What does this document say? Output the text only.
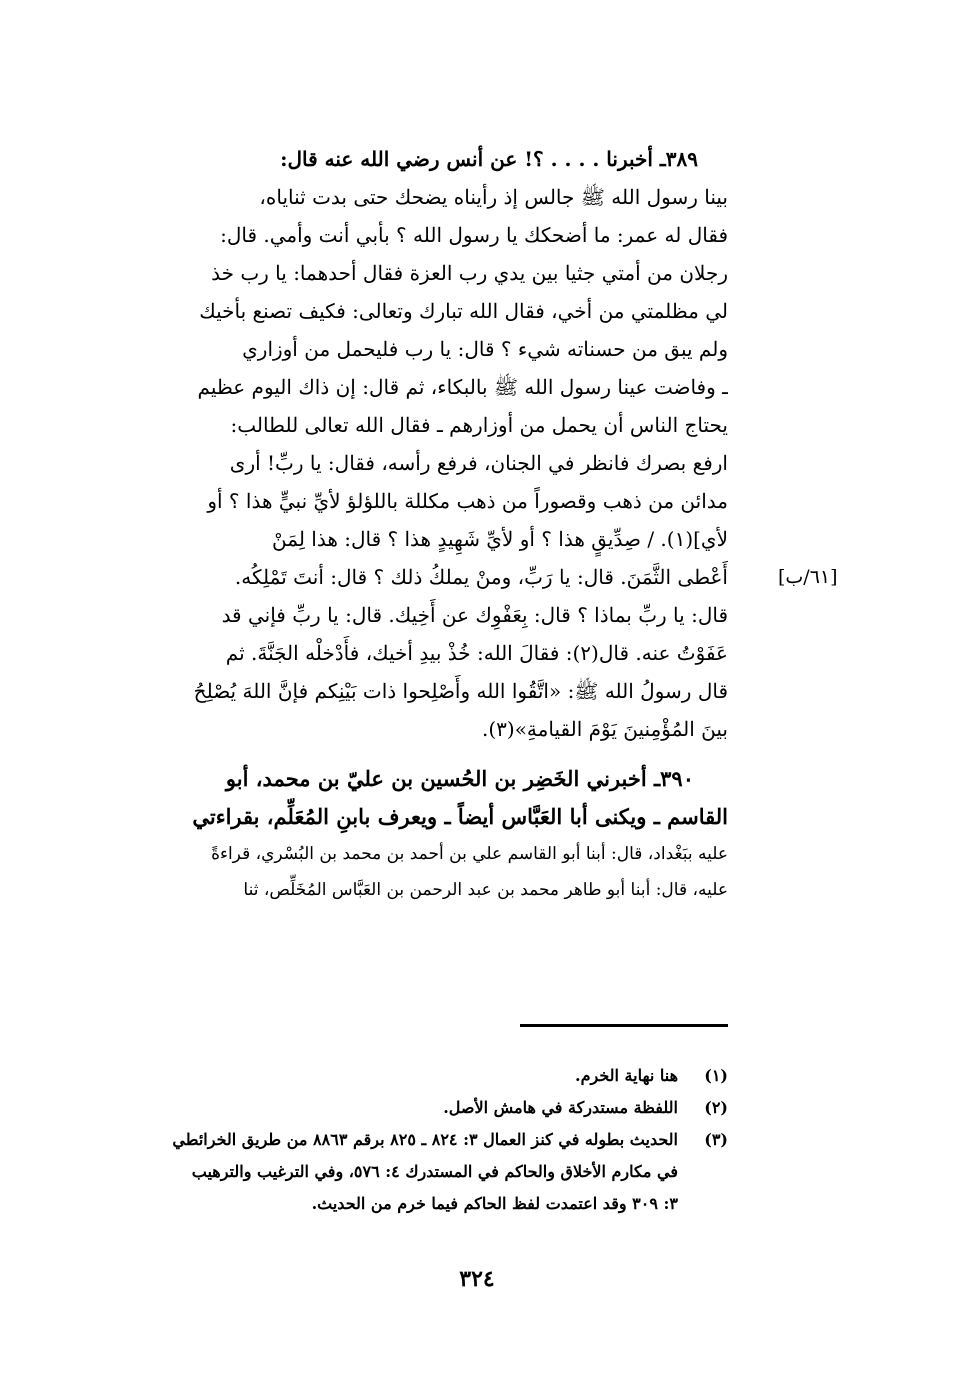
٣٨٩ـ أخبرنا . . . . ؟! عن أنس رضي الله عنه قال:
بينا رسول الله ﷺ جالس إذ رأيناه يضحك حتى بدت ثناياه،
فقال له عمر: ما أضحكك يا رسول الله ؟ بأبي أنت وأمي. قال:
رجلان من أمتي جثيا بين يدي رب العزة فقال أحدهما: يا رب خذ
لي مظلمتي من أخي، فقال الله تبارك وتعالى: فكيف تصنع بأخيك
ولم يبق من حسناته شيء ؟ قال: يا رب فليحمل من أوزاري
ـ وفاضت عينا رسول الله ﷺ بالبكاء، ثم قال: إن ذاك اليوم عظيم
يحتاج الناس أن يحمل من أوزارهم ـ فقال الله تعالى للطالب:
ارفع بصرك فانظر في الجنان، فرفع رأسه، فقال: يا ربِّ! أرى
مدائن من ذهب وقصوراً من ذهب مكللة باللؤلؤ لأيِّ نبيٍّ هذا ؟ أو
لأي](١). / صِدِّيقٍ هذا ؟ أو لأيِّ شَهِيدٍ هذا ؟ قال: هذا لِمَنْ
أَعْطى الثَّمَنَ. قال: يا رَبِّ، ومنْ يملكُ ذلك ؟ قال: أنتَ تَمْلِكُه.
قال: يا ربِّ بماذا ؟ قال: بِعَفْوِك عن أَخِيك. قال: يا ربِّ فإني قد
عَفَوْتُ عنه. قال(٢): فقالَ الله: خُذْ بيدِ أخيك، فأَدْخلْه الجَنَّةَ. ثم
قال رسولُ الله ﷺ: «اتَّقُوا الله وأَصْلِحوا ذات بَيْنِكم فإنَّ اللهَ يُصْلِحُ
بينَ المُؤْمِنينَ يَوْمَ القيامةِ»(٣).
٣٩٠ـ أخبرني الخَضِر بن الحُسين بن عليّ بن محمد، أبو
القاسم ـ ويكنى أبا العَبَّاس أيضاً ـ ويعرف بابنِ المُعَلِّم، بقراءتي
عليه ببَغْداد، قال: أبنا أبو القاسم علي بن أحمد بن محمد بن البُسْري، قراءةً
عليه، قال: أبنا أبو طاهر محمد بن عبد الرحمن بن العَبَّاس المُخَلِّص، ثنا
[٦١/ب]
(١)
هنا نهاية الخرم.
(٢)
اللفظة مستدركة في هامش الأصل.
(٣)
الحديث بطوله في كنز العمال ٣: ٨٢٤ ـ ٨٢٥ برقم ٨٨٦٣ من طريق الخرائطي
في مكارم الأخلاق والحاكم في المستدرك ٤: ٥٧٦، وفي الترغيب والترهيب
٣: ٣٠٩ وقد اعتمدت لفظ الحاكم فيما خرم من الحديث.
٣٢٤
